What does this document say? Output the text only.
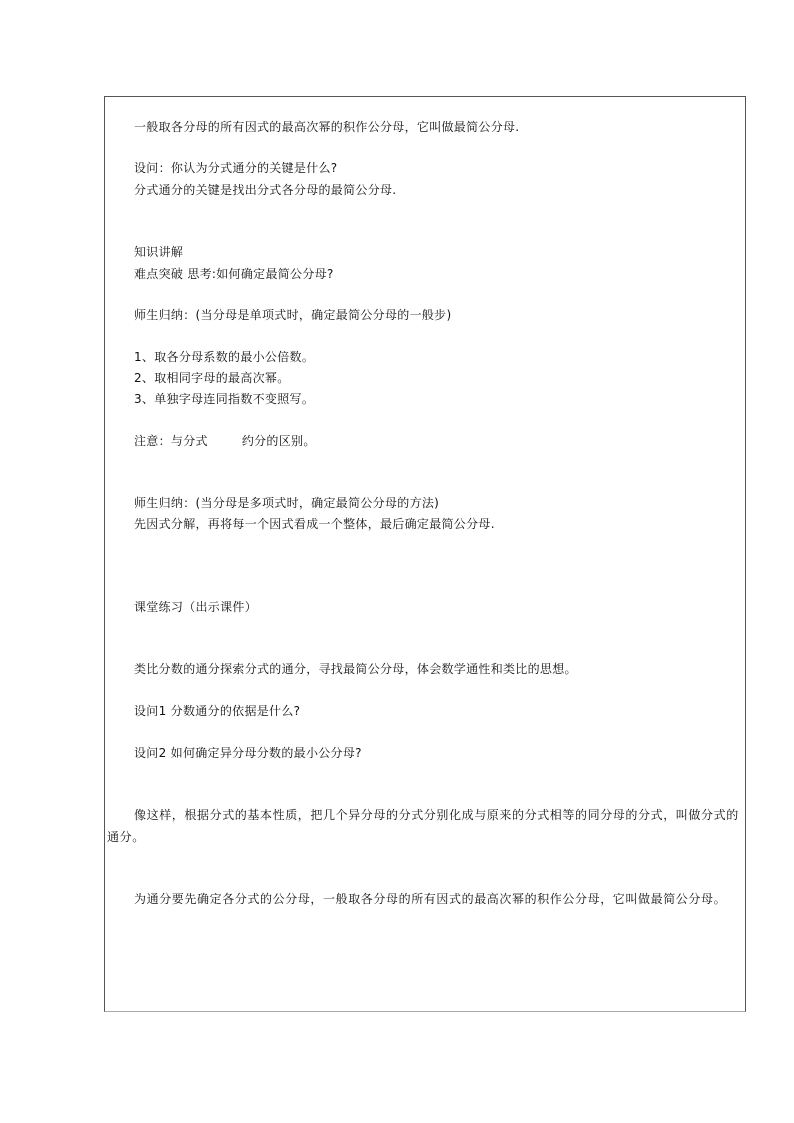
一般取各分母的所有因式的最高次幂的积作公分母，它叫做最简公分母.
设问：你认为分式通分的关键是什么?
分式通分的关键是找出分式各分母的最简公分母.
知识讲解
难点突破 思考:如何确定最简公分母?
师生归纳：(当分母是单项式时，确定最简公分母的一般步)
1、取各分母系数的最小公倍数。
2、取相同字母的最高次幂。
3、单独字母连同指数不变照写。
注意：与分式	约分的区别。
师生归纳：(当分母是多项式时，确定最简公分母的方法)
先因式分解，再将每一个因式看成一个整体，最后确定最简公分母.
课堂练习（出示课件）
类比分数的通分探索分式的通分，寻找最简公分母，体会数学通性和类比的思想。
设问1 分数通分的依据是什么?
设问2 如何确定异分母分数的最小公分母?
像这样，根据分式的基本性质，把几个异分母的分式分别化成与原来的分式相等的同分母的分式，叫做分式的通分。
为通分要先确定各分式的公分母，一般取各分母的所有因式的最高次幂的积作公分母，它叫做最简公分母。
